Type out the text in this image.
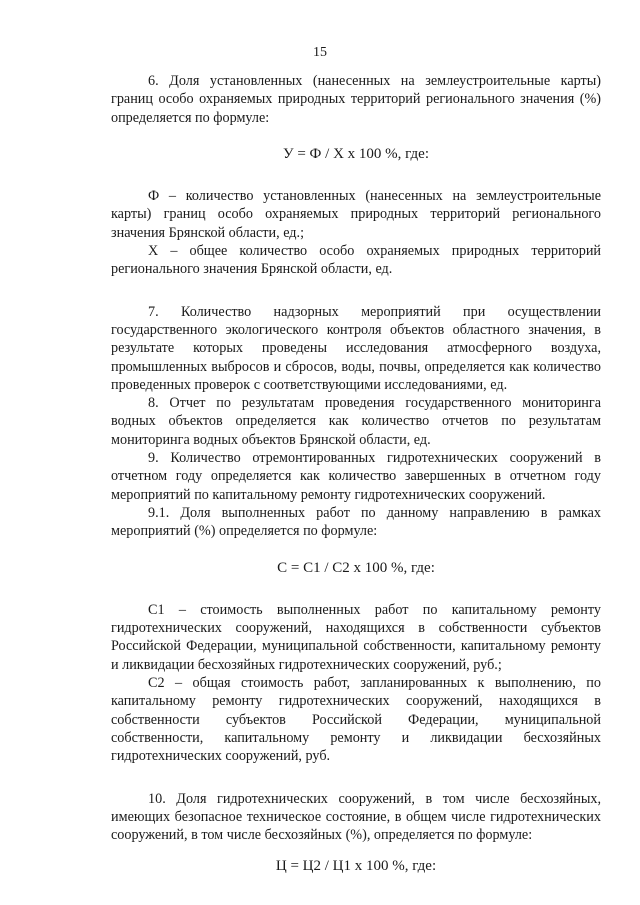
15

6. Доля установленных (нанесенных на землеустроительные карты) границ особо охраняемых природных территорий регионального значения (%) определяется по формуле:

У = Ф / Х х 100 %, где:

Ф – количество установленных (нанесенных на землеустроительные карты) границ особо охраняемых природных территорий регионального значения Брянской области, ед.;

Х – общее количество особо охраняемых природных территорий регионального значения Брянской области, ед.

7. Количество надзорных мероприятий при осуществлении государственного экологического контроля объектов областного значения, в результате которых проведены исследования атмосферного воздуха, промышленных выбросов и сбросов, воды, почвы, определяется как количество проведенных проверок с соответствующими исследованиями, ед.

8. Отчет по результатам проведения государственного мониторинга водных объектов определяется как количество отчетов по результатам мониторинга водных объектов Брянской области, ед.

9. Количество отремонтированных гидротехнических сооружений в отчетном году определяется как количество завершенных в отчетном году мероприятий по капитальному ремонту гидротехнических сооружений.

9.1. Доля выполненных работ по данному направлению в рамках мероприятий (%) определяется по формуле:

С = С1 / С2 х 100 %, где:

С1 – стоимость выполненных работ по капитальному ремонту гидротехнических сооружений, находящихся в собственности субъектов Российской Федерации, муниципальной собственности, капитальному ремонту и ликвидации бесхозяйных гидротехнических сооружений, руб.;

С2 – общая стоимость работ, запланированных к выполнению, по капитальному ремонту гидротехнических сооружений, находящихся в собственности субъектов Российской Федерации, муниципальной собственности, капитальному ремонту и ликвидации бесхозяйных гидротехнических сооружений, руб.

10. Доля гидротехнических сооружений, в том числе бесхозяйных, имеющих безопасное техническое состояние, в общем числе гидротехнических сооружений, в том числе бесхозяйных (%), определяется по формуле:

Ц = Ц2 / Ц1 х 100 %, где:
